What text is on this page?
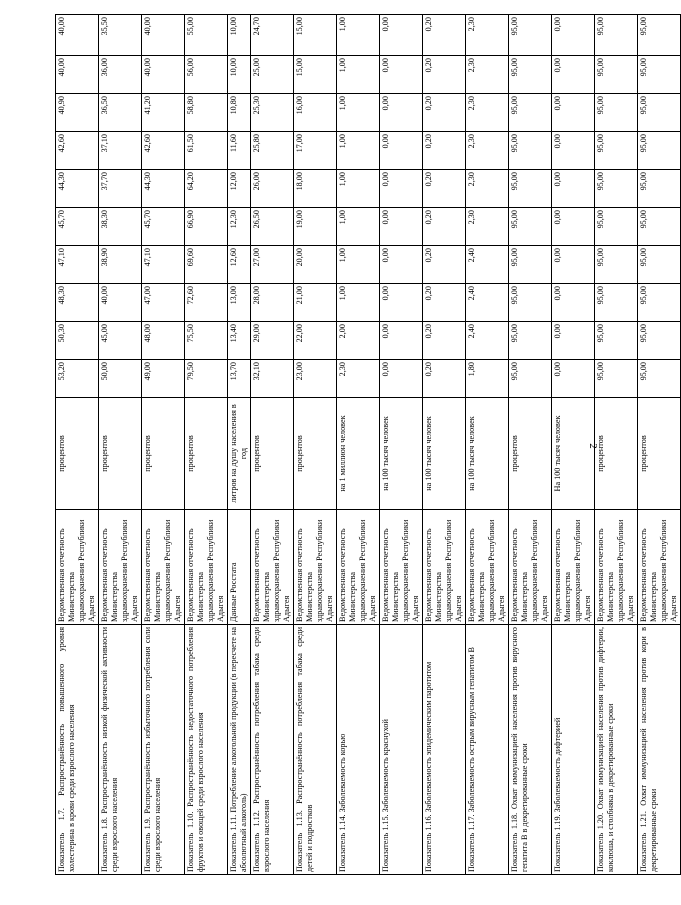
2
Показатель 1.7. Распространённость повышенного уровня холестерина в крови среди взрослого населения	Ведомственная отчетность Министерства здравоохранения Республики Адыгея	процентов	53,20	50,30	48,30	47,10	45,70	44,30	42,60	40,90	40,00	40,00
Показатель 1.8. Распространённость низкой физической активности среди взрослого населения	Ведомственная отчетность Министерства здравоохранения Республики Адыгея	процентов	50,00	45,00	40,00	38,90	38,30	37,70	37,10	36,50	36,00	35,50
Показатель 1.9. Распространённость избыточного потребления соли среди взрослого населения	Ведомственная отчетность Министерства здравоохранения Республики Адыгея	процентов	49,00	48,00	47,00	47,10	45,70	44,30	42,60	41,20	40,00	40,00
Показатель 1.10. Распространённость недостаточного потребления фруктов и овощей среди взрослого населения	Ведомственная отчетность Министерства здравоохранения Республики Адыгея	процентов	79,50	75,50	72,60	69,60	66,90	64,20	61,50	58,80	56,00	55,00
Показатель 1.11. Потребление алкогольной продукции (в пересчете на абсолютный алкоголь)	Данные Росстата	литров на душу населения в год	13,70	13,40	13,00	12,60	12,30	12,00	11,60	10,80	10,00	10,00
Показатель 1.12. Распространённость потребления табака среди взрослого населения	Ведомственная отчетность Министерства здравоохранения Республики Адыгея	процентов	32,10	29,00	28,00	27,00	26,50	26,00	25,80	25,30	25,00	24,70
Показатель 1.13. Распространённость потребления табака среди детей и подростков	Ведомственная отчетность Министерства здравоохранения Республики Адыгея	процентов	23,00	22,00	21,00	20,00	19,00	18,00	17,00	16,00	15,00	15,00
Показатель 1.14. Заболеваемость корью	Ведомственная отчетность Министерства здравоохранения Республики Адыгея	на 1 миллион человек	2,30	2,00	1,00	1,00	1,00	1,00	1,00	1,00	1,00	1,00
Показатель 1.15. Заболеваемость краснухой	Ведомственная отчетность Министерства здравоохранения Республики Адыгея	на 100 тысяч человек	0,00	0,00	0,00	0,00	0,00	0,00	0,00	0,00	0,00	0,00
Показатель 1.16. Заболеваемость эпидемическим паротитом	Ведомственная отчетность Министерства здравоохранения Республики Адыгея	на 100 тысяч человек	0,20	0,20	0,20	0,20	0,20	0,20	0,20	0,20	0,20	0,20
Показатель 1.17. Заболеваемость острым вирусным гепатитом В	Ведомственная отчетность Министерства здравоохранения Республики Адыгея	на 100 тысяч человек	1,80	2,40	2,40	2,40	2,30	2,30	2,30	2,30	2,30	2,30
Показатель 1.18. Охват иммунизацией населения против вирусного гепатита В в декретированные сроки	Ведомственная отчетность Министерства здравоохранения Республики Адыгея	процентов	95,00	95,00	95,00	95,00	95,00	95,00	95,00	95,00	95,00	95,00
Показатель 1.19. Заболеваемость дифтерией	Ведомственная отчетность Министерства здравоохранения Республики Адыгея	На 100 тысяч человек	0,00	0,00	0,00	0,00	0,00	0,00	0,00	0,00	0,00	0,00
Показатель 1.20. Охват иммунизацией населения против дифтерии, коклюша, и столбняка в декретированные сроки	Ведомственная отчетность Министерства здравоохранения Республики Адыгея	процентов	95,00	95,00	95,00	95,00	95,00	95,00	95,00	95,00	95,00	95,00
Показатель 1.21. Охват иммунизацией населения против кори в декретированные сроки	Ведомственная отчетность Министерства здравоохранения Республики Адыгея	процентов	95,00	95,00	95,00	95,00	95,00	95,00	95,00	95,00	95,00	95,00
